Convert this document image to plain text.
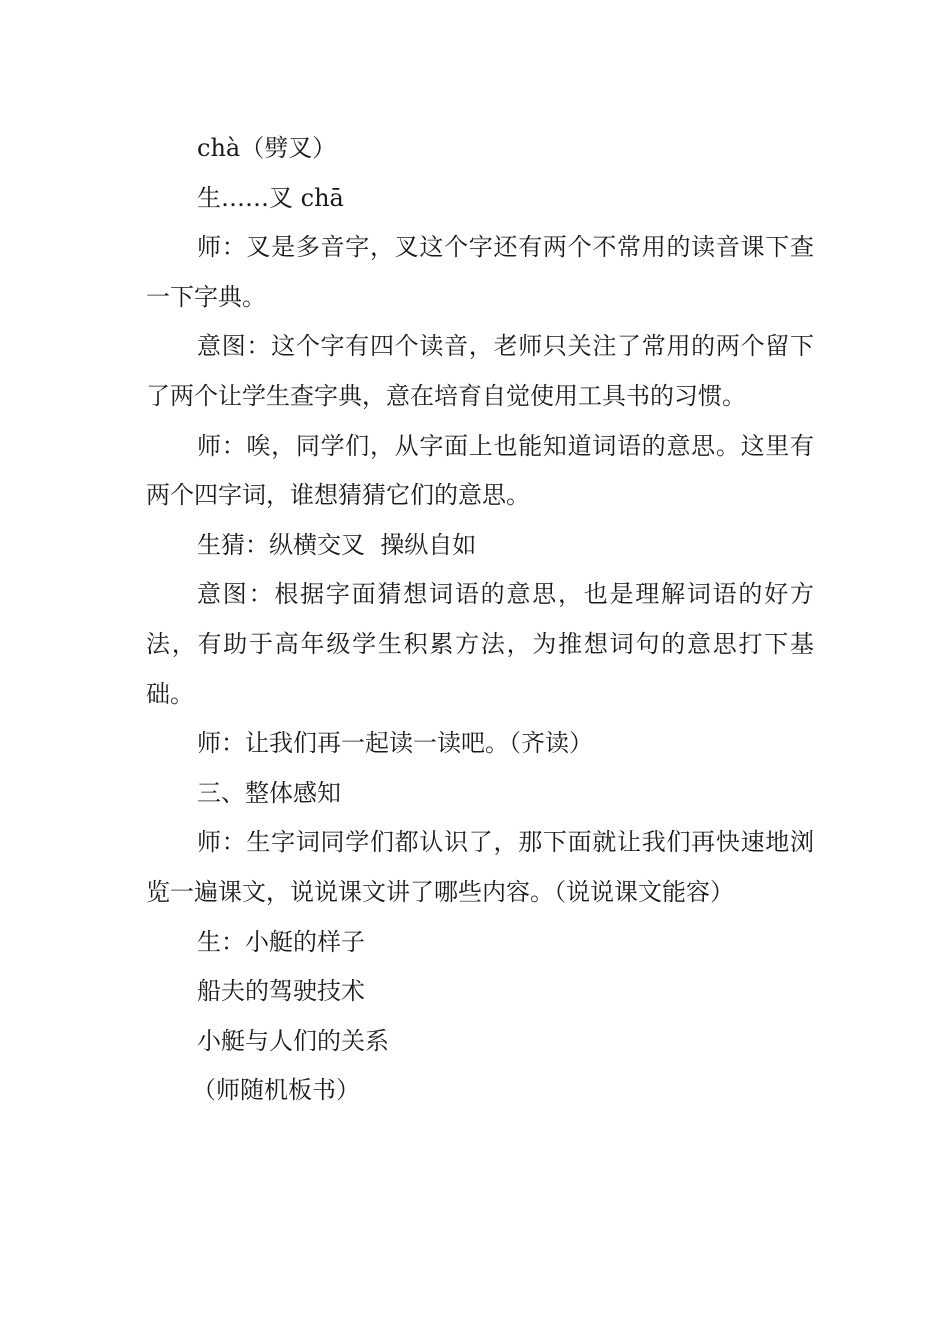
chà（劈叉）

生……叉 chā

师：叉是多音字，叉这个字还有两个不常用的读音课下查一下字典。

意图：这个字有四个读音，老师只关注了常用的两个留下了两个让学生查字典，意在培育自觉使用工具书的习惯。

师：唉，同学们，从字面上也能知道词语的意思。这里有两个四字词，谁想猜猜它们的意思。

生猜：纵横交叉  操纵自如

意图：根据字面猜想词语的意思，也是理解词语的好方法，有助于高年级学生积累方法，为推想词句的意思打下基础。

师：让我们再一起读一读吧。（齐读）

三、整体感知

师：生字词同学们都认识了，那下面就让我们再快速地浏览一遍课文，说说课文讲了哪些内容。（说说课文能容）

生：小艇的样子

船夫的驾驶技术

小艇与人们的关系

（师随机板书）
